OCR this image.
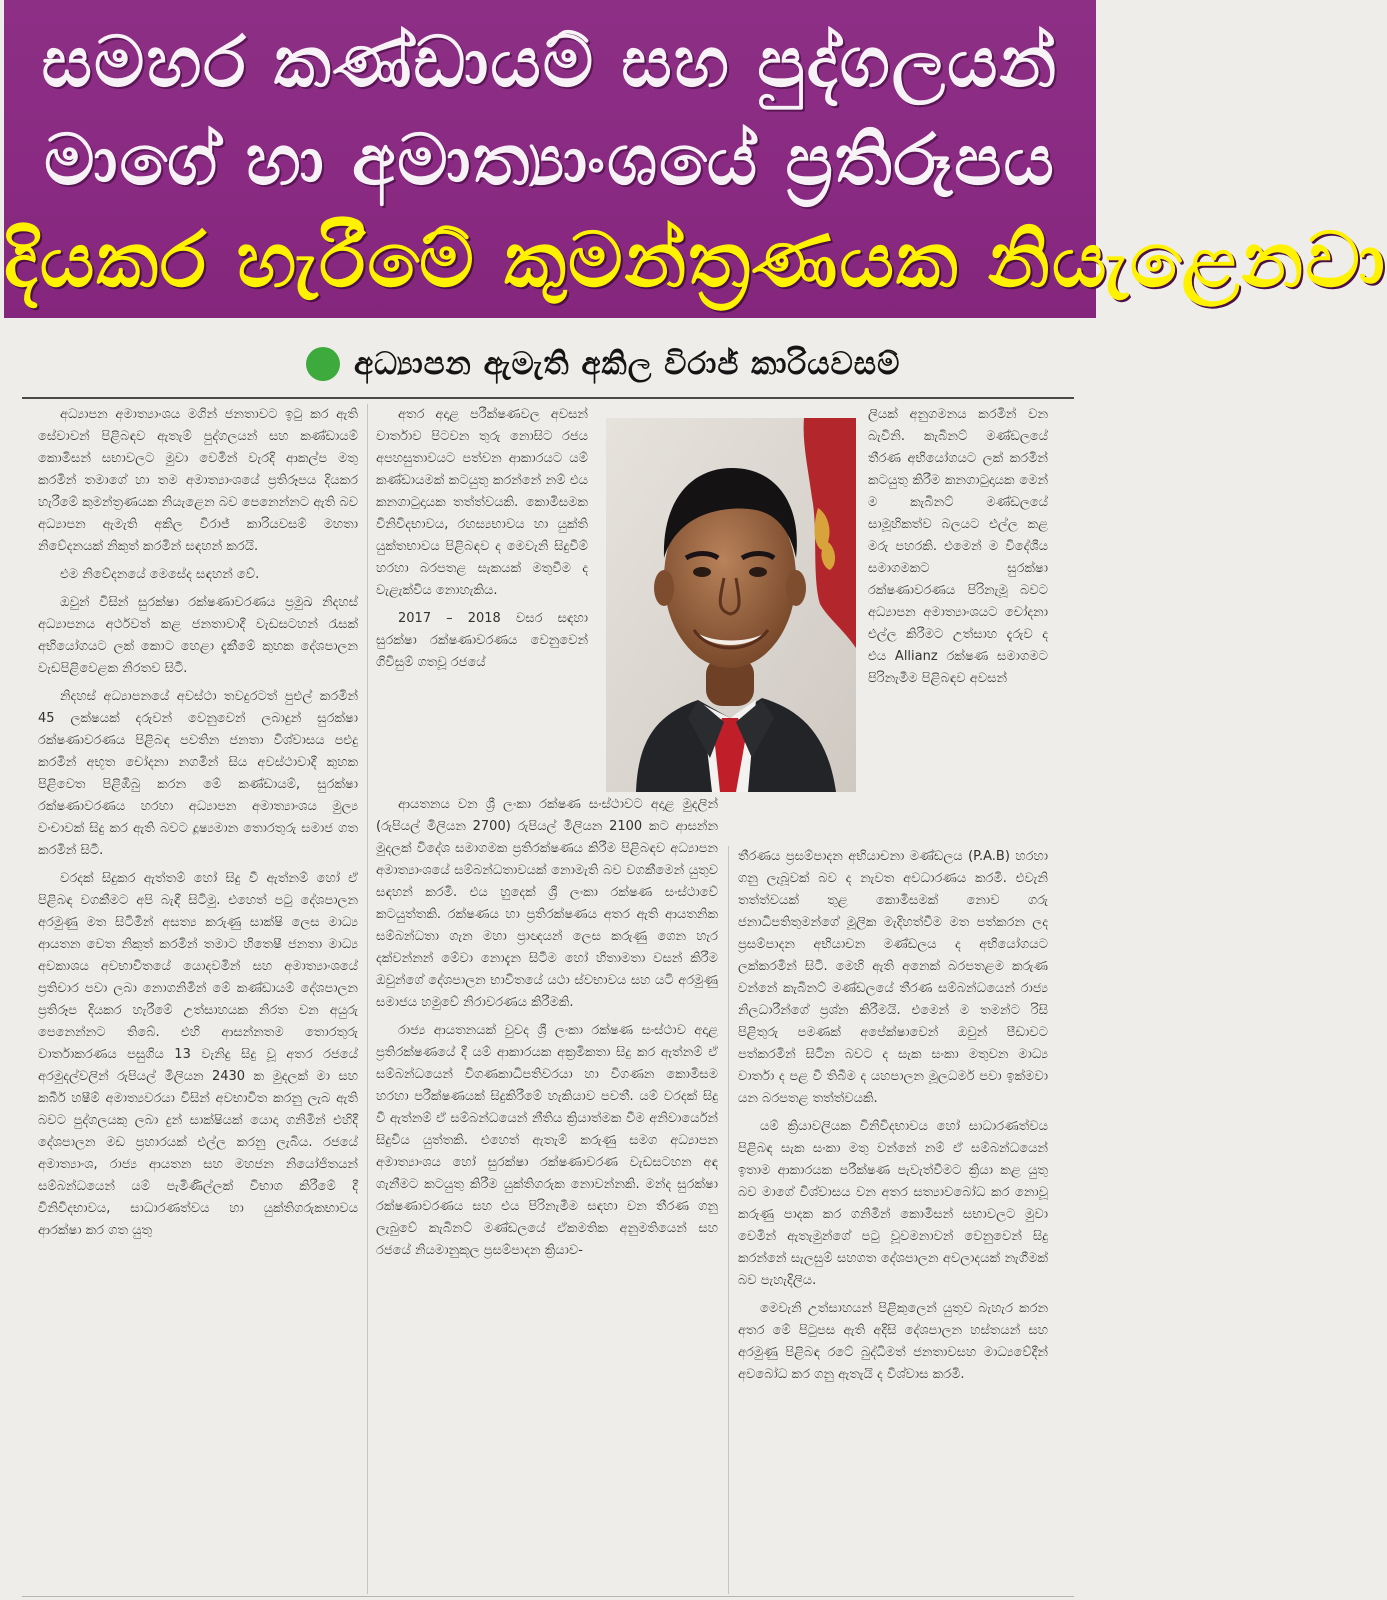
සමහර කණ්ඩායම් සහ පුද්ගලයන්
මාගේ හා අමාත්‍යාංශයේ ප්‍රතිරූපය
දියකර හැරීමේ කුමන්ත්‍රණයක නියැළෙනවා
අධ්‍යාපන ඇමැති අකිල විරාජ් කාරියවසම්

අධ්‍යාපන අමාත්‍යාංශය මගින් ජනතාවට ඉටු කර ඇති සේවාවන් පිළිබඳව ඇතැම් පුද්ගලයන් සහ කණ්ඩායම් කොමිසන් සභාවලට මුවා වෙමින් වැරදි ආකල්ප මතු කරමින් තමාගේ හා තම අමාත්‍යාංශයේ ප්‍රතිරූපය දියකර හැරීමේ කුමන්ත්‍රණයක නියැළෙන බව පෙනෙන්නට ඇති බව අධ්‍යාපන ඇමැති අකිල විරාජ් කාරියවසම් මහතා නිවේදනයක් නිකුත් කරමින් සඳහන් කරයි.

එම නිවේදනයේ මෙසේද සඳහන් වේ.

ඔවුන් විසින් සුරක්ෂා රක්ෂණාවරණය ප්‍රමුඛ නිදහස් අධ්‍යාපනය අර්ථවත් කළ ජනතාවාදී වැඩසටහන් රැසක් අභියෝගයට ලක් කොට හෙළා දැකීමේ කුහක දේශපාලන වැඩපිළිවෙළක නිරතව සිටී.

නිදහස් අධ්‍යාපනයේ අවස්ථා තවදුරටත් පුළුල් කරමින් 45 ලක්ෂයක් දරුවන් වෙනුවෙන් ලබාදුන් සුරක්ෂා රක්ෂණාවරණය පිළිබඳ පවතින ජනතා විශ්වාසය පළුදු කරමින් අභූත චෝදනා නගමින් සිය අවස්ථාවාදී කුහක පිළිවෙත පිළිඹිබු කරන මේ කණ්ඩායම්, සුරක්ෂා රක්ෂණාවරණය හරහා අධ්‍යාපන අමාත්‍යාංශය මුල්‍ය වංචාවක් සිදු කර ඇති බවට දූෂ්‍යමාන තොරතුරු සමාජ ගත කරමින් සිටී.

වරදක් සිදුකර ඇත්තම් හෝ සිදු වී ඇත්නම් හෝ ඒ පිළිබඳ වගකීමට අපි බැඳී සිටිමු. එහෙත් පටු දේශපාලන අරමුණු මත සිටිමින් අසත්‍ය කරුණු සාක්ෂි ලෙස මාධ්‍ය ආයතන වෙත නිකුත් කරමින් තමාට හිතෙෂී ජනතා මාධ්‍ය අවකාශය අවභාවිතයේ යොදවමින් සහ අමාත්‍යාංශයේ ප්‍රතිචාර පවා ලබා නොගනිමින් මේ කණ්ඩායම් දේශපාලන ප්‍රතිරූප දියකර හැරීමේ උත්සාහයක නිරත වන අයුරු පෙනෙන්නට තිබේ. එහි ආසන්නතම තොරතුරු වාර්තාකරණය පසුගිය 13 වැනිදු සිදු වූ අතර රජයේ අරමුදල්වලින් රුපියල් මිලියන 2430 ක මුදලක් මා සහ කබීර් හෂීම් අමාත්‍යවරයා විසින් අවභාවිත කරනු ලැබ ඇති බවට පුද්ගලයකු ලබා දුන් සාක්ෂියක් යොදා ගනිමින් එහිදී දේශපාලන මඩ ප්‍රහාරයක් එල්ල කරනු ලැබිය. රජයේ අමාත්‍යාංශ, රාජ්‍ය ආයතන සහ මහජන නියෝජිතයන් සම්බන්ධයෙන් යම් පැමිණිල්ලක් විභාග කිරීමේ දී විනිවිදභාවය, සාධාරණත්වය හා යුක්තිගරුකභාවය ආරක්ෂා කර ගත යුතු

අතර අදාළ පරීක්ෂණවල අවසන් වාර්තාව පිටවන තුරු නොසිට රජය අපහසුතාවයට පත්වන ආකාරයට යම් කණ්ඩායමක් කටයුතු කරන්නේ නම් එය කනගාටුදායක තත්ත්වයකි. කොමිසමක විනිවිදභාවය, රහස්‍යභාවය හා යුක්ති යුක්තභාවය පිළිබඳව ද මෙවැනි සිදුවීම් හරහා බරපතළ සැකයක් මතුවීම ද වැළැක්විය නොහැකිය.

2017 – 2018 වසර සඳහා සුරක්ෂා රක්ෂණාවරණය වෙනුවෙන් ගිවිසුම් ගතවූ රජයේ

ආයතනය වන ශ්‍රී ලංකා රක්ෂණ සංස්ථාවට අදාළ මුදලින් (රුපියල් මිලියන 2700) රුපියල් මිලියන 2100 කට ආසන්න මුදලක් විදේශ සමාගමක ප්‍රතිරක්ෂණය කිරීම පිළිබඳව අධ්‍යාපන අමාත්‍යාංශයේ සම්බන්ධතාවයක් නොමැති බව වගකීමෙන් යුතුව සඳහන් කරමි. එය හුදෙක් ශ්‍රී ලංකා රක්ෂණ සංස්ථාවේ කටයුත්තකි. රක්ෂණය හා ප්‍රතිරක්ෂණය අතර ඇති ආයතනික සම්බන්ධතා ගැන මහා ප්‍රාඥයන් ලෙස කරුණු ගෙන හැර දක්වන්නන් මේවා නොදැන සිටීම හෝ හිතාමතා වසන් කිරීම ඔවුන්ගේ දේශපාලන භාවිතයේ යථා ස්වභාවය සහ යටි අරමුණු සමාජය හමුවේ නිරාවරණය කිරීමකි.

රාජ්‍ය ආයතනයක් වුවද ශ්‍රී ලංකා රක්ෂණ සංස්ථාව අදාළ ප්‍රතිරක්ෂණයේ දී යම් ආකාරයක අක්‍රමිකතා සිදු කර ඇත්නම් ඒ සම්බන්ධයෙන් විගණකාධිපතිවරයා හා විගණන කොමිසම හරහා පරීක්ෂණයක් සිදුකිරීමේ හැකියාව පවතී. යම් වරදක් සිදු වී ඇත්නම් ඒ සම්බන්ධයෙන් නීතිය ක්‍රියාත්මක වීම අනිවාර්යෙන් සිදුවිය යුත්තකි. එහෙත් ඇතැම් කරුණු සමග අධ්‍යාපන අමාත්‍යාංශය හෝ සුරක්ෂා රක්ෂණාවරණ වැඩසටහන අඳ ගැනීමට කටයුතු කිරීම යුක්තිගරුක නොවන්නකි. මන්ද සුරක්ෂා රක්ෂණාවරණය සහ එය පිරිනැමීම සඳහා වන තීරණ ගනු ලැබුවේ කැබිනට් මණ්ඩලයේ ඒකමතික අනුමතියෙන් සහ රජයේ නියමානුකූල ප්‍රසම්පාදන ක්‍රියාව-

ලියක් අනුගමනය කරමින් වන බැවිනි. කැබිනට් මණ්ඩලයේ තීරණ අභියෝගයට ලක් කරමින් කටයුතු කිරීම කනගාටුදායක මෙන් ම කැබිනට් මණ්ඩලයේ සාමූහිකත්ව බලයට එල්ල කළ මරු පහරකි. එමෙන් ම විදේශීය සමාගමකට සුරක්ෂා රක්ෂණාවරණය පිරිනැමූ බවට අධ්‍යාපන අමාත්‍යාංශයට චෝදනා එල්ල කිරීමට උත්සාහ දැරුව ද එය Allianz රක්ෂණ සමාගමට පිරිනැමීම පිළිබඳව අවසන්

තීරණය ප්‍රසම්පාදන අභියාචනා මණ්ඩලය (P.A.B) හරහා ගනු ලැබූවක් බව ද නැවත අවධාරණය කරමි. එවැනි තත්ත්වයක් තුළ කොමිසමක් නොව ගරු ජනාධිපතිතුමන්ගේ මූලික මැදිහත්වීම මත පත්කරන ලද ප්‍රසම්පාදන අභියාචන මණ්ඩලය ද අභියෝගයට ලක්කරමින් සිටී. මෙහි ඇති අනෙක් බරපතළම කරුණ වන්නේ කැබිනට් මණ්ඩලයේ තීරණ සම්බන්ධයෙන් රාජ්‍ය නිලධාරීන්ගේ ප්‍රශ්න කිරීමයි. එමෙන් ම තමන්ට රිසි පිළිතුරු පමණක් අපේක්ෂාවෙන් ඔවුන් පීඩාවට පත්කරමින් සිටින බවට ද සැක සංකා මතුවන මාධ්‍ය වාර්තා ද පළ වී තිබීම ද යහපාලන මූලධර්ම පවා ඉක්මවා යන බරපතළ තත්ත්වයකි.

යම් ක්‍රියාවලියක විනිවිදභාවය හෝ සාධාරණත්වය පිළිබඳ සැක සංකා මතු වන්නේ නම් ඒ සම්බන්ධයෙන් ඉතාම ආකාරයක පරීක්ෂණ පැවැත්වීමට ක්‍රියා කළ යුතු බව මාගේ විශ්වාසය වන අතර සත්‍යාවබෝධ කර නොවූ කරුණු පාදක කර ගනිමින් කොමිසන් සභාවලට මුවා වෙමින් ඇතැමුන්ගේ පටු වූවමනාවන් වෙනුවෙන් සිදු කරන්නේ සැලසුම් සහගත දේශපාලන අවලාදයක් නැගීමක් බව පැහැදිලිය.

මෙවැනි උත්සාහයන් පිළිකුලෙන් යුතුව බැහැර කරන අතර මේ පිටුපස ඇති අදිසි දේශපාලන හස්තයන් සහ අරමුණු පිළිබඳ රටේ බුද්ධිමත් ජනතාවසහ මාධ්‍යවේදීන් අවබෝධ කර ගනු ඇතැයි ද විශ්වාස කරමි.
